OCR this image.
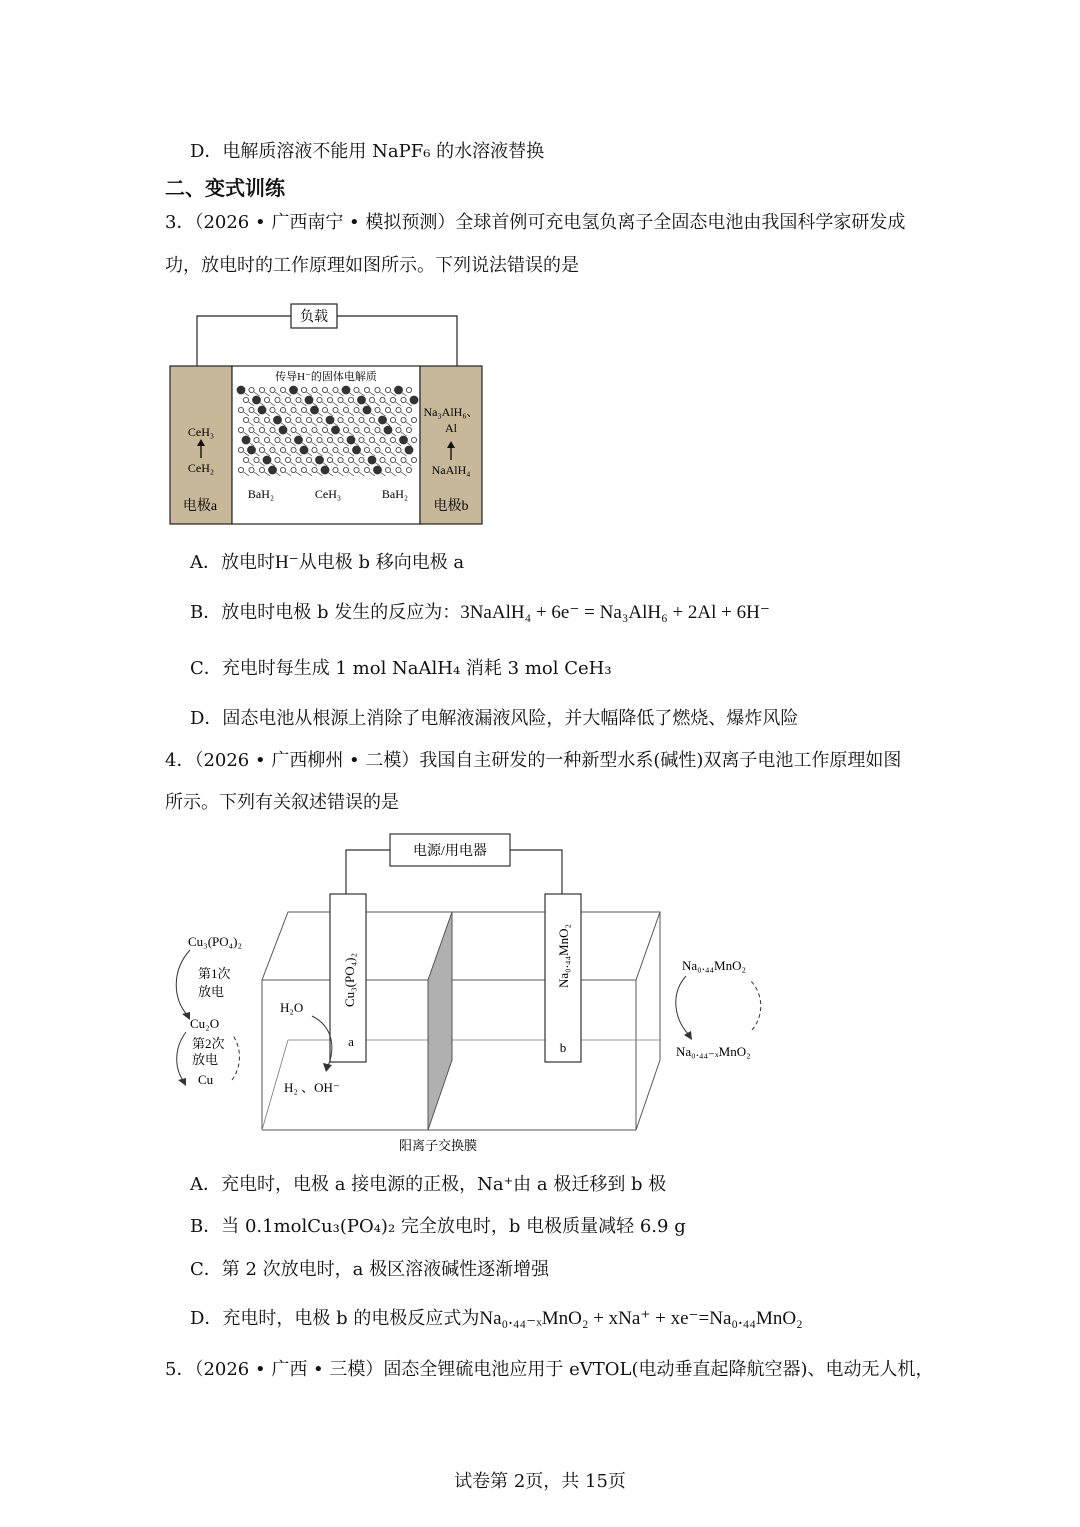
D．电解质溶液不能用 NaPF₆ 的水溶液替换
二、变式训练
3．（2026 • 广西南宁 • 模拟预测）全球首例可充电氢负离子全固态电池由我国科学家研发成
功，放电时的工作原理如图所示。下列说法错误的是
负载
CeH₃
CeH₂
电极a
传导H⁻的固体电解质
BaH₂	CeH₃	BaH₂
Na₃AlH₆、
Al
NaAlH₄
电极b
A．放电时H⁻从电极 b 移向电极 a
B．放电时电极 b 发生的反应为：3NaAlH₄ + 6e⁻ = Na₃AlH₆ + 2Al + 6H⁻
C．充电时每生成 1 mol NaAlH₄ 消耗 3 mol CeH₃
D．固态电池从根源上消除了电解液漏液风险，并大幅降低了燃烧、爆炸风险
4．（2026 • 广西柳州 • 二模）我国自主研发的一种新型水系(碱性)双离子电池工作原理如图
所示。下列有关叙述错误的是
电源/用电器
Cu₃(PO₄)₂
a
Na₀.₄₄MnO₂
b
H₂O
H₂ 、OH⁻
阳离子交换膜
Cu₃(PO₄)₂
第1次
放电
Cu₂O
第2次
放电
Cu
Na₀.₄₄MnO₂
Na₀.₄₄₋ₓMnO₂
A．充电时，电极 a 接电源的正极，Na⁺由 a 极迁移到 b 极
B．当 0.1molCu₃(PO₄)₂ 完全放电时，b 电极质量减轻 6.9 g
C．第 2 次放电时，a 极区溶液碱性逐渐增强
D．充电时，电极 b 的电极反应式为Na₀.₄₄₋ₓMnO₂ + xNa⁺ + xe⁻=Na₀.₄₄MnO₂
5．（2026 • 广西 • 三模）固态全锂硫电池应用于 eVTOL(电动垂直起降航空器)、电动无人机，
试卷第 2页，共 15页
